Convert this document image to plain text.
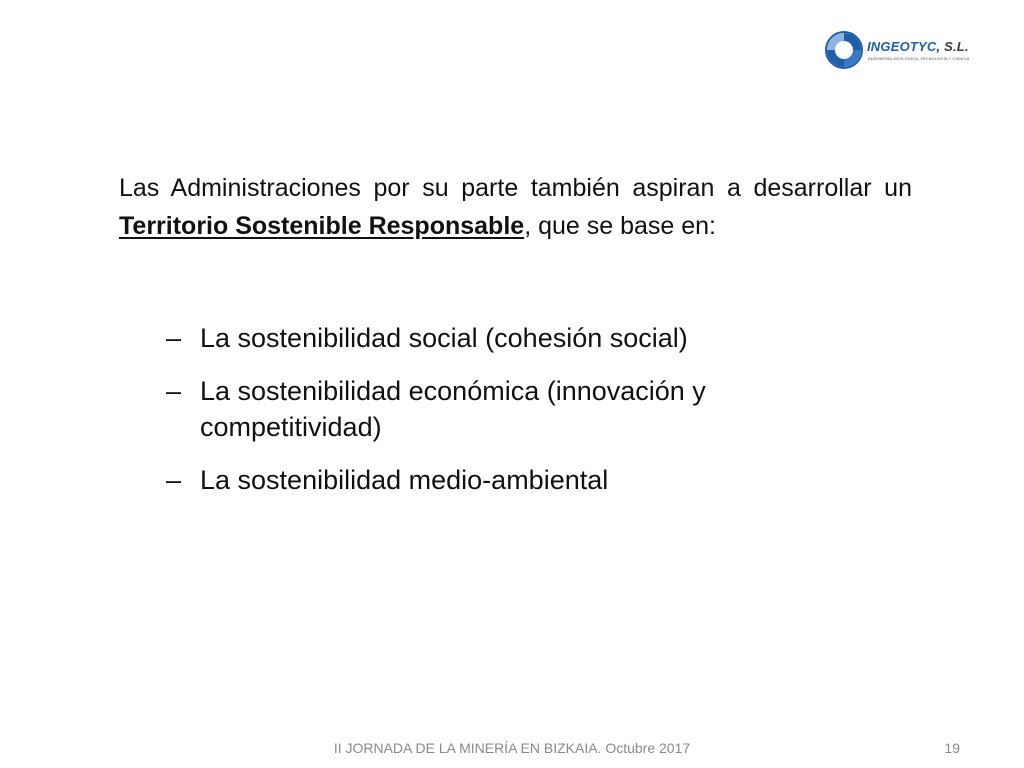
INGEOTYC, S.L.
INGENIERÍA GEOLÓGICA, TECNOLOGÍA Y CIENCIA

Las Administraciones por su parte también aspiran a desarrollar un Territorio Sostenible Responsable, que se base en:

– La sostenibilidad social (cohesión social)
– La sostenibilidad económica (innovación y competitividad)
– La sostenibilidad medio-ambiental
II JORNADA DE LA MINERÍA EN BIZKAIA. Octubre 2017	19
